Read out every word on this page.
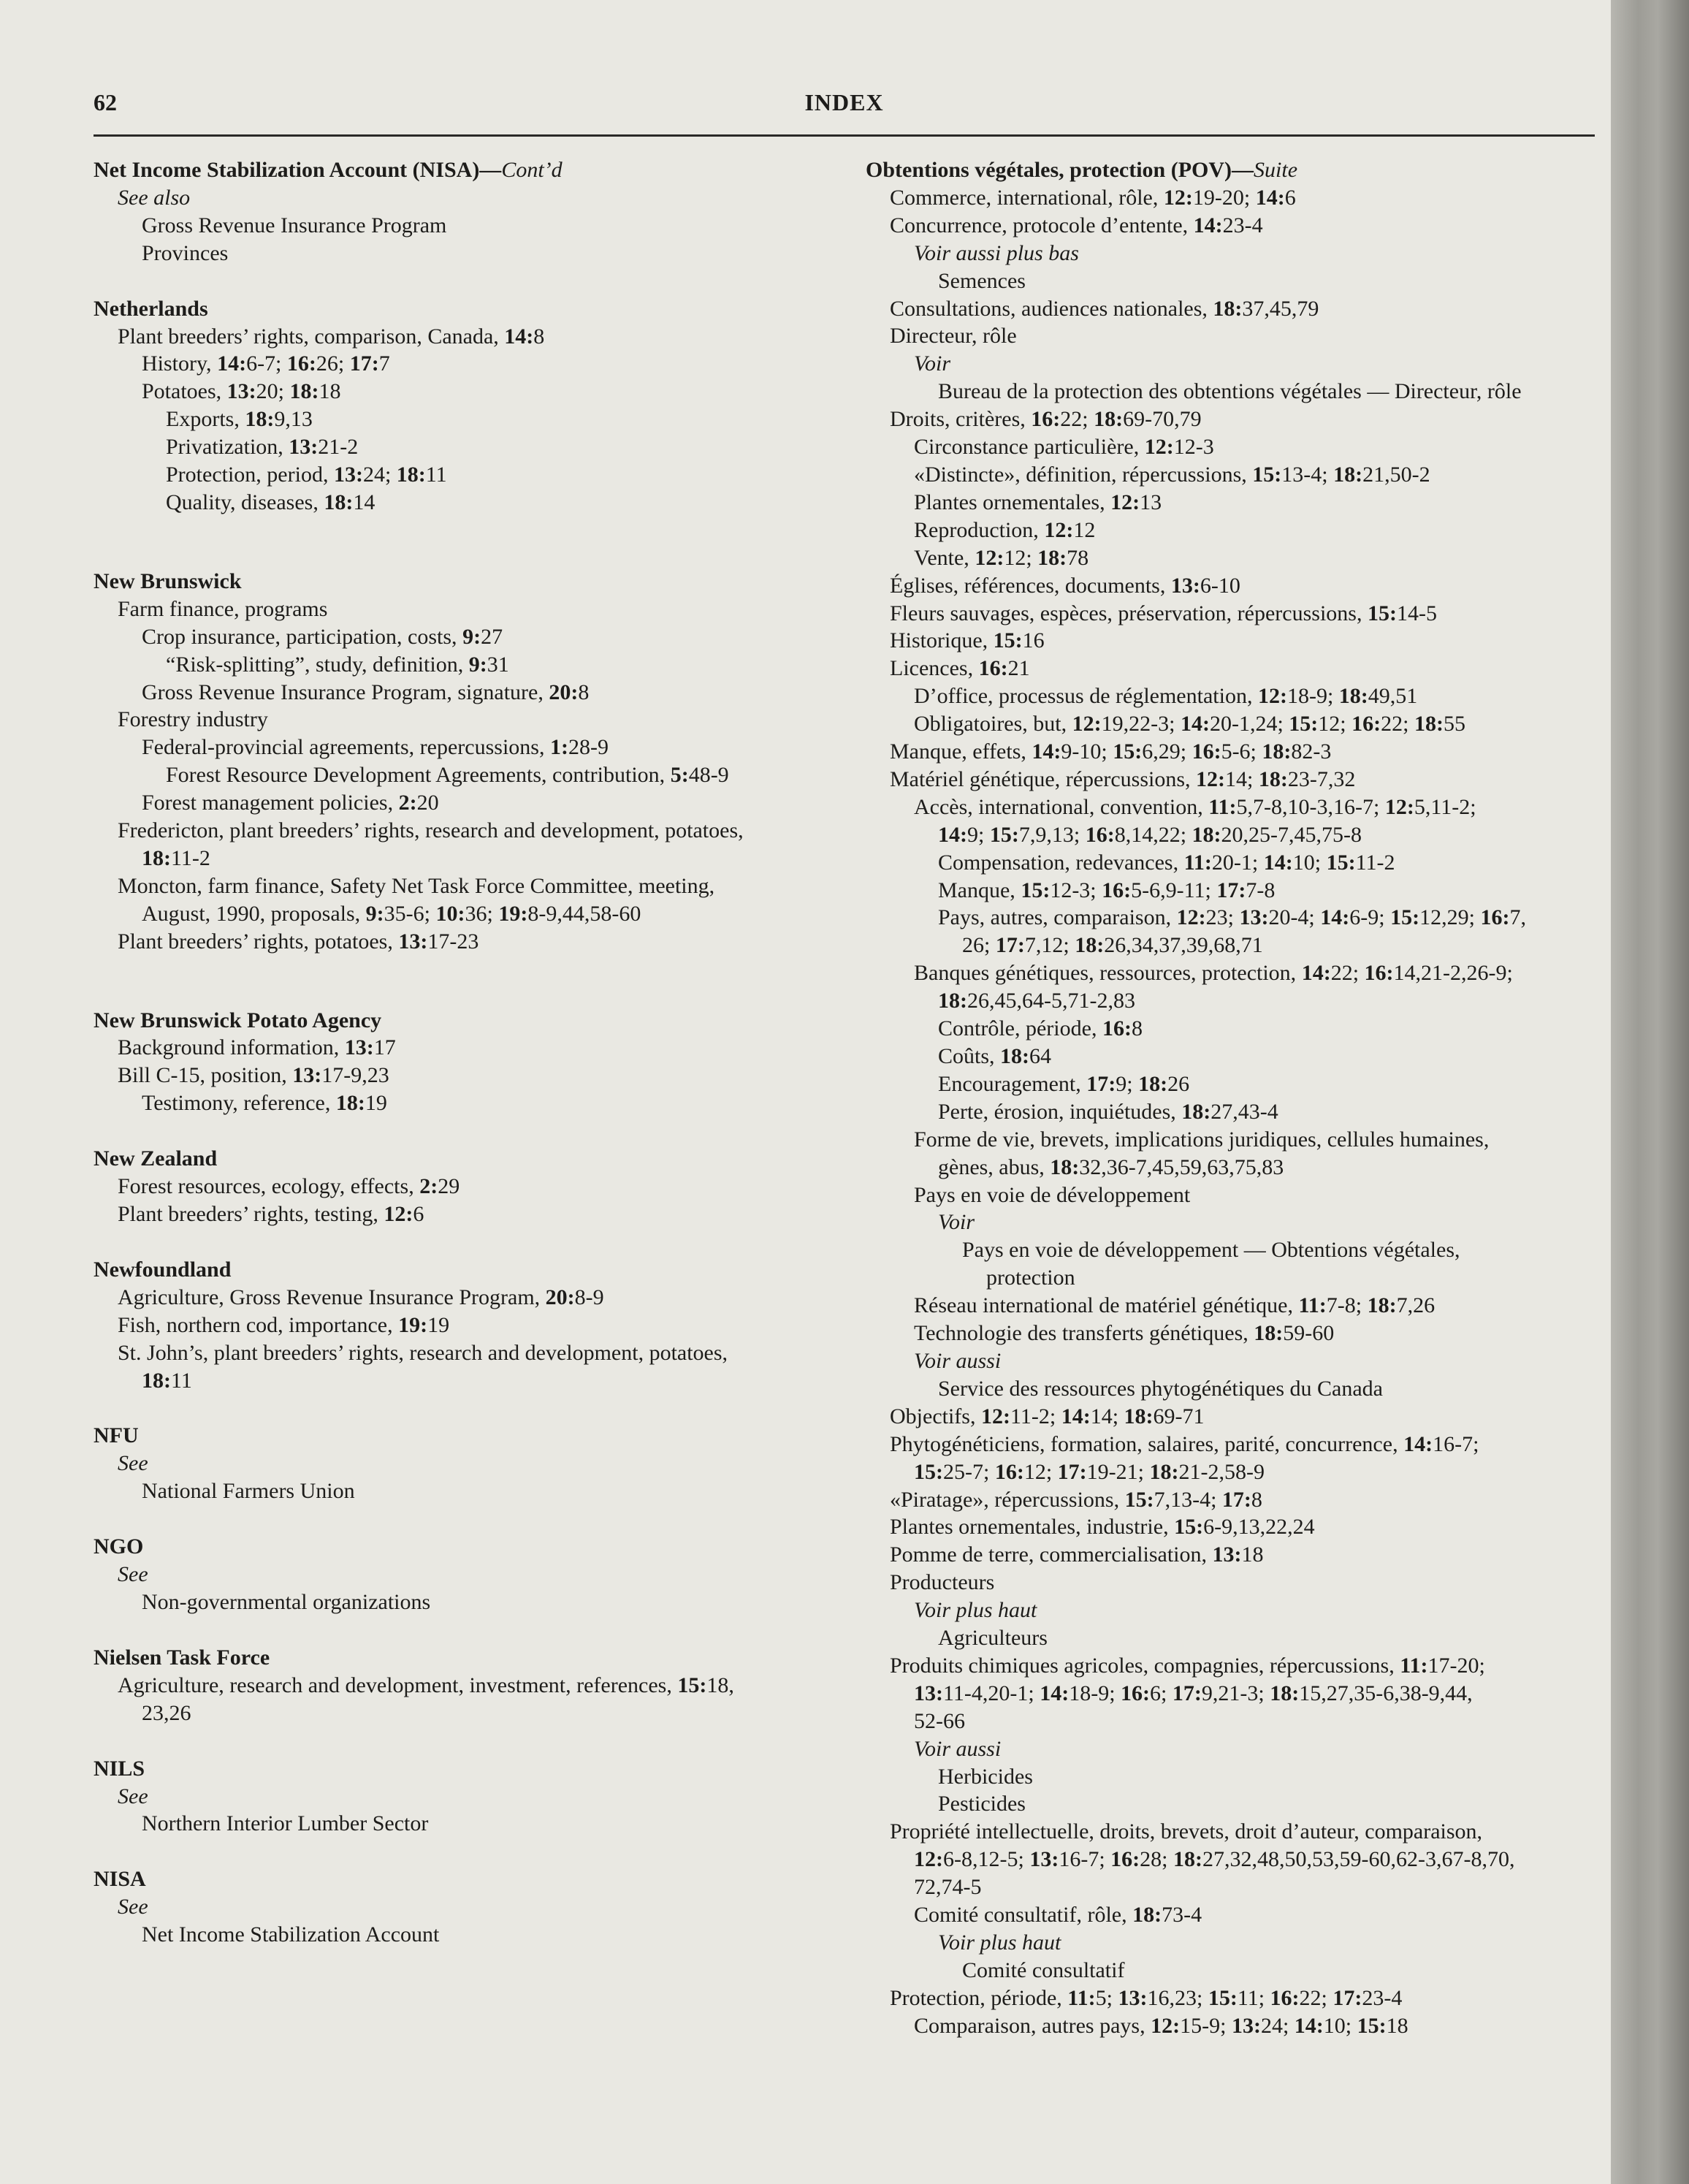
62	INDEX
Net Income Stabilization Account (NISA)—Cont’d
See also
Gross Revenue Insurance Program
Provinces
Netherlands
Plant breeders’ rights, comparison, Canada, 14:8
History, 14:6-7; 16:26; 17:7
Potatoes, 13:20; 18:18
Exports, 18:9,13
Privatization, 13:21-2
Protection, period, 13:24; 18:11
Quality, diseases, 18:14
New Brunswick
Farm finance, programs
Crop insurance, participation, costs, 9:27
“Risk-splitting”, study, definition, 9:31
Gross Revenue Insurance Program, signature, 20:8
Forestry industry
Federal-provincial agreements, repercussions, 1:28-9
Forest Resource Development Agreements, contribution, 5:48-9
Forest management policies, 2:20
Fredericton, plant breeders’ rights, research and development, potatoes,
18:11-2
Moncton, farm finance, Safety Net Task Force Committee, meeting,
August, 1990, proposals, 9:35-6; 10:36; 19:8-9,44,58-60
Plant breeders’ rights, potatoes, 13:17-23
New Brunswick Potato Agency
Background information, 13:17
Bill C-15, position, 13:17-9,23
Testimony, reference, 18:19
New Zealand
Forest resources, ecology, effects, 2:29
Plant breeders’ rights, testing, 12:6
Newfoundland
Agriculture, Gross Revenue Insurance Program, 20:8-9
Fish, northern cod, importance, 19:19
St. John’s, plant breeders’ rights, research and development, potatoes,
18:11
NFU
See
National Farmers Union
NGO
See
Non-governmental organizations
Nielsen Task Force
Agriculture, research and development, investment, references, 15:18,
23,26
NILS
See
Northern Interior Lumber Sector
NISA
See
Net Income Stabilization Account
Obtentions végétales, protection (POV)—Suite
Commerce, international, rôle, 12:19-20; 14:6
Concurrence, protocole d’entente, 14:23-4
Voir aussi plus bas
Semences
Consultations, audiences nationales, 18:37,45,79
Directeur, rôle
Voir
Bureau de la protection des obtentions végétales — Directeur, rôle
Droits, critères, 16:22; 18:69-70,79
Circonstance particulière, 12:12-3
«Distincte», définition, répercussions, 15:13-4; 18:21,50-2
Plantes ornementales, 12:13
Reproduction, 12:12
Vente, 12:12; 18:78
Églises, références, documents, 13:6-10
Fleurs sauvages, espèces, préservation, répercussions, 15:14-5
Historique, 15:16
Licences, 16:21
D’office, processus de réglementation, 12:18-9; 18:49,51
Obligatoires, but, 12:19,22-3; 14:20-1,24; 15:12; 16:22; 18:55
Manque, effets, 14:9-10; 15:6,29; 16:5-6; 18:82-3
Matériel génétique, répercussions, 12:14; 18:23-7,32
Accès, international, convention, 11:5,7-8,10-3,16-7; 12:5,11-2;
14:9; 15:7,9,13; 16:8,14,22; 18:20,25-7,45,75-8
Compensation, redevances, 11:20-1; 14:10; 15:11-2
Manque, 15:12-3; 16:5-6,9-11; 17:7-8
Pays, autres, comparaison, 12:23; 13:20-4; 14:6-9; 15:12,29; 16:7,
26; 17:7,12; 18:26,34,37,39,68,71
Banques génétiques, ressources, protection, 14:22; 16:14,21-2,26-9;
18:26,45,64-5,71-2,83
Contrôle, période, 16:8
Coûts, 18:64
Encouragement, 17:9; 18:26
Perte, érosion, inquiétudes, 18:27,43-4
Forme de vie, brevets, implications juridiques, cellules humaines,
gènes, abus, 18:32,36-7,45,59,63,75,83
Pays en voie de développement
Voir
Pays en voie de développement — Obtentions végétales,
protection
Réseau international de matériel génétique, 11:7-8; 18:7,26
Technologie des transferts génétiques, 18:59-60
Voir aussi
Service des ressources phytogénétiques du Canada
Objectifs, 12:11-2; 14:14; 18:69-71
Phytogénéticiens, formation, salaires, parité, concurrence, 14:16-7;
15:25-7; 16:12; 17:19-21; 18:21-2,58-9
«Piratage», répercussions, 15:7,13-4; 17:8
Plantes ornementales, industrie, 15:6-9,13,22,24
Pomme de terre, commercialisation, 13:18
Producteurs
Voir plus haut
Agriculteurs
Produits chimiques agricoles, compagnies, répercussions, 11:17-20;
13:11-4,20-1; 14:18-9; 16:6; 17:9,21-3; 18:15,27,35-6,38-9,44,
52-66
Voir aussi
Herbicides
Pesticides
Propriété intellectuelle, droits, brevets, droit d’auteur, comparaison,
12:6-8,12-5; 13:16-7; 16:28; 18:27,32,48,50,53,59-60,62-3,67-8,70,
72,74-5
Comité consultatif, rôle, 18:73-4
Voir plus haut
Comité consultatif
Protection, période, 11:5; 13:16,23; 15:11; 16:22; 17:23-4
Comparaison, autres pays, 12:15-9; 13:24; 14:10; 15:18
